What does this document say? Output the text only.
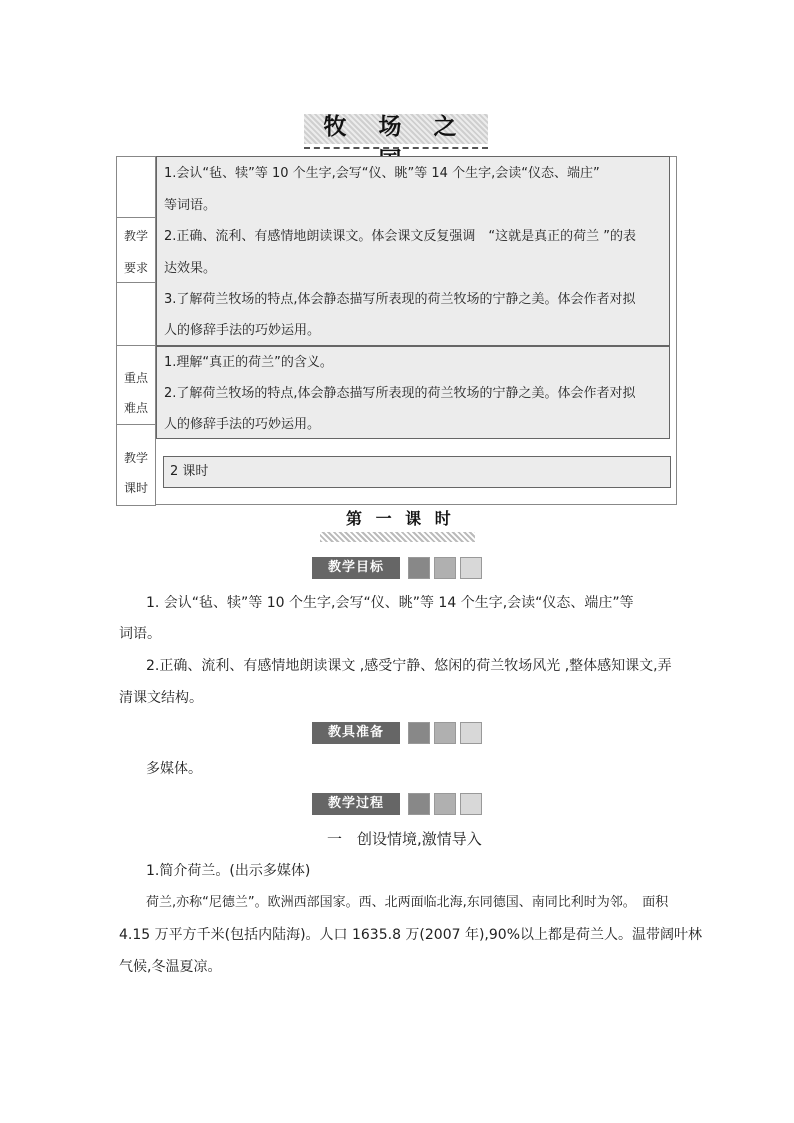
牧 场 之
教学
要求
重点
难点
教学
课时
1.会认“毡、犊”等 10 个生字,会写“仪、眺”等 14 个生字,会读“仪态、端庄”
等词语。
2.正确、流利、有感情地朗读课文。体会课文反复强调　“这就是真正的荷兰 ”的表
达效果。
3.了解荷兰牧场的特点,体会静态描写所表现的荷兰牧场的宁静之美。体会作者对拟
人的修辞手法的巧妙运用。
1.理解“真正的荷兰”的含义。
2.了解荷兰牧场的特点,体会静态描写所表现的荷兰牧场的宁静之美。体会作者对拟
人的修辞手法的巧妙运用。
2 课时
第 一 课 时
教学目标
1. 会认“毡、犊”等 10 个生字,会写“仪、眺”等 14 个生字,会读“仪态、端庄”等
词语。
2.正确、流利、有感情地朗读课文 ,感受宁静、悠闲的荷兰牧场风光 ,整体感知课文,弄
清课文结构。
教具准备
多媒体。
教学过程
一　创设情境,激情导入
1.简介荷兰。(出示多媒体)
荷兰,亦称“尼德兰”。欧洲西部国家。西、北两面临北海,东同德国、南同比利时为邻。　面积
4.15 万平方千米(包括内陆海)。人口 1635.8 万(2007 年),90%以上都是荷兰人。温带阔叶林
气候,冬温夏凉。
